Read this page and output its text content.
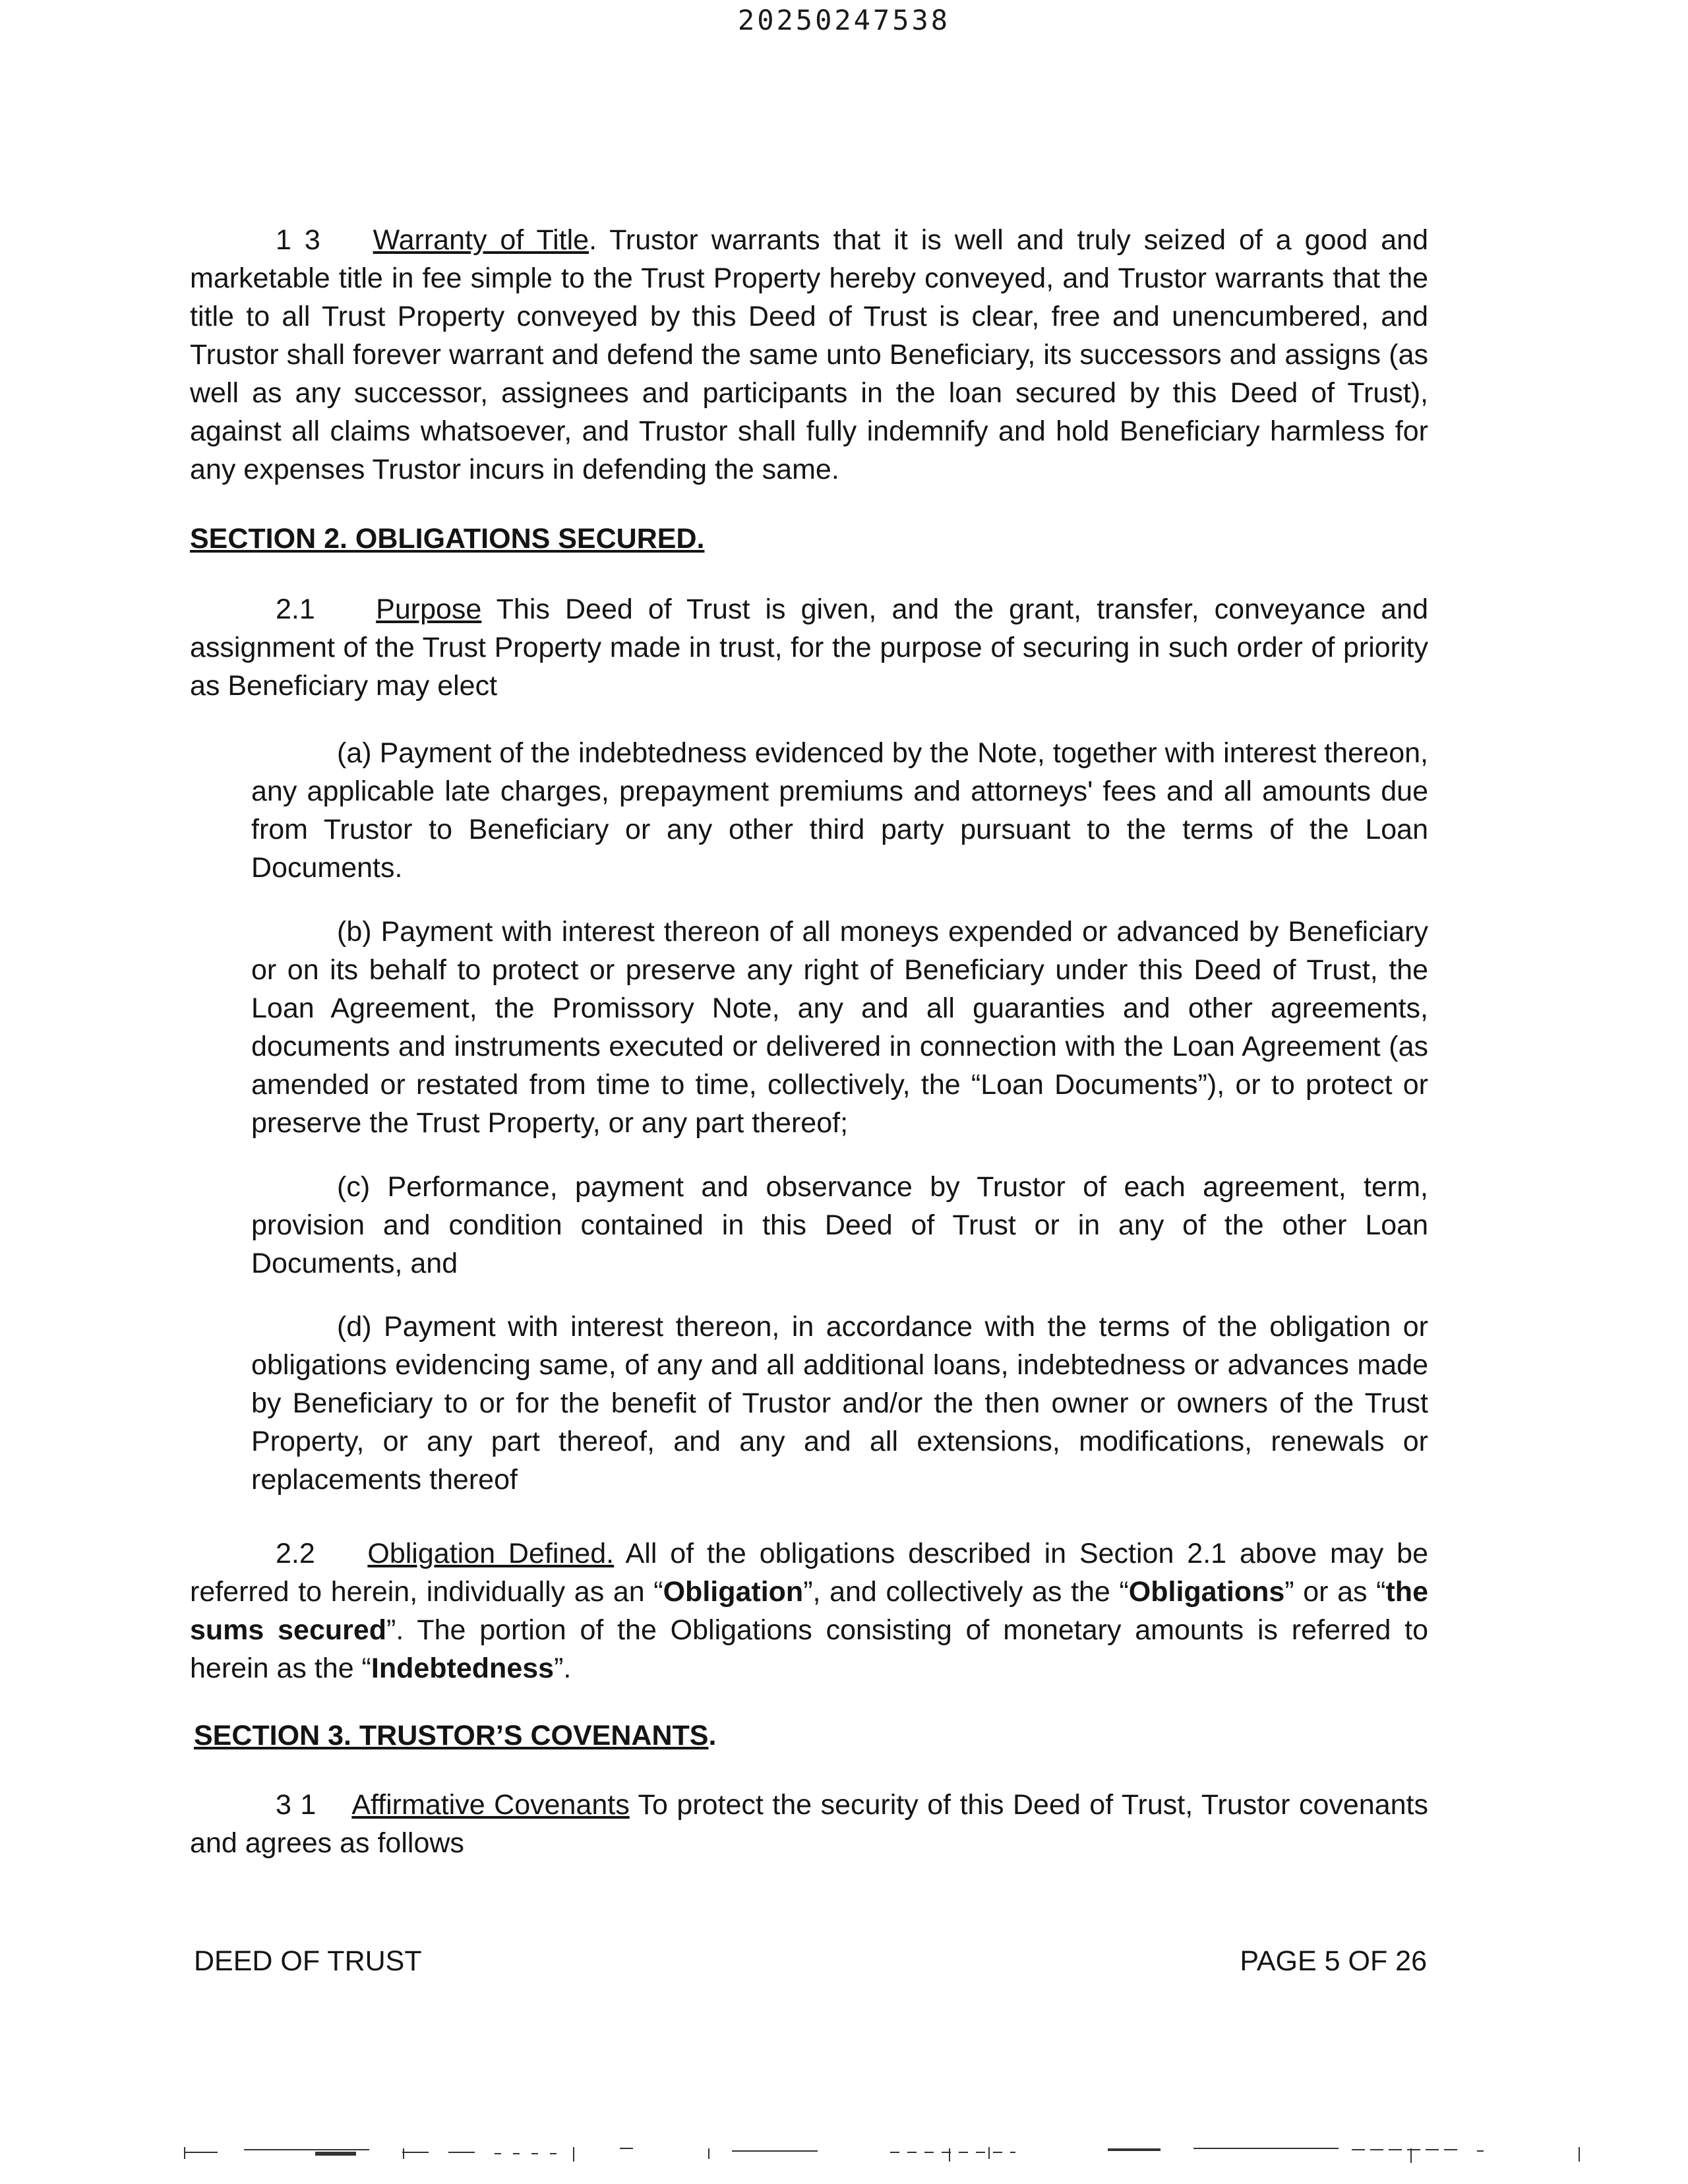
20250247538

1 3 Warranty of Title. Trustor warrants that it is well and truly seized of a good and marketable title in fee simple to the Trust Property hereby conveyed, and Trustor warrants that the title to all Trust Property conveyed by this Deed of Trust is clear, free and unencumbered, and Trustor shall forever warrant and defend the same unto Beneficiary, its successors and assigns (as well as any successor, assignees and participants in the loan secured by this Deed of Trust), against all claims whatsoever, and Trustor shall fully indemnify and hold Beneficiary harmless for any expenses Trustor incurs in defending the same.

SECTION 2. OBLIGATIONS SECURED.

2.1 Purpose This Deed of Trust is given, and the grant, transfer, conveyance and assignment of the Trust Property made in trust, for the purpose of securing in such order of priority as Beneficiary may elect

(a) Payment of the indebtedness evidenced by the Note, together with interest thereon, any applicable late charges, prepayment premiums and attorneys' fees and all amounts due from Trustor to Beneficiary or any other third party pursuant to the terms of the Loan Documents.

(b) Payment with interest thereon of all moneys expended or advanced by Beneficiary or on its behalf to protect or preserve any right of Beneficiary under this Deed of Trust, the Loan Agreement, the Promissory Note, any and all guaranties and other agreements, documents and instruments executed or delivered in connection with the Loan Agreement (as amended or restated from time to time, collectively, the “Loan Documents”), or to protect or preserve the Trust Property, or any part thereof;

(c) Performance, payment and observance by Trustor of each agreement, term, provision and condition contained in this Deed of Trust or in any of the other Loan Documents, and

(d) Payment with interest thereon, in accordance with the terms of the obligation or obligations evidencing same, of any and all additional loans, indebtedness or advances made by Beneficiary to or for the benefit of Trustor and/or the then owner or owners of the Trust Property, or any part thereof, and any and all extensions, modifications, renewals or replacements thereof

2.2 Obligation Defined. All of the obligations described in Section 2.1 above may be referred to herein, individually as an “Obligation”, and collectively as the “Obligations” or as “the sums secured”. The portion of the Obligations consisting of monetary amounts is referred to herein as the “Indebtedness”.

SECTION 3. TRUSTOR’S COVENANTS.

3 1 Affirmative Covenants To protect the security of this Deed of Trust, Trustor covenants and agrees as follows

DEED OF TRUST	PAGE 5 OF 26
